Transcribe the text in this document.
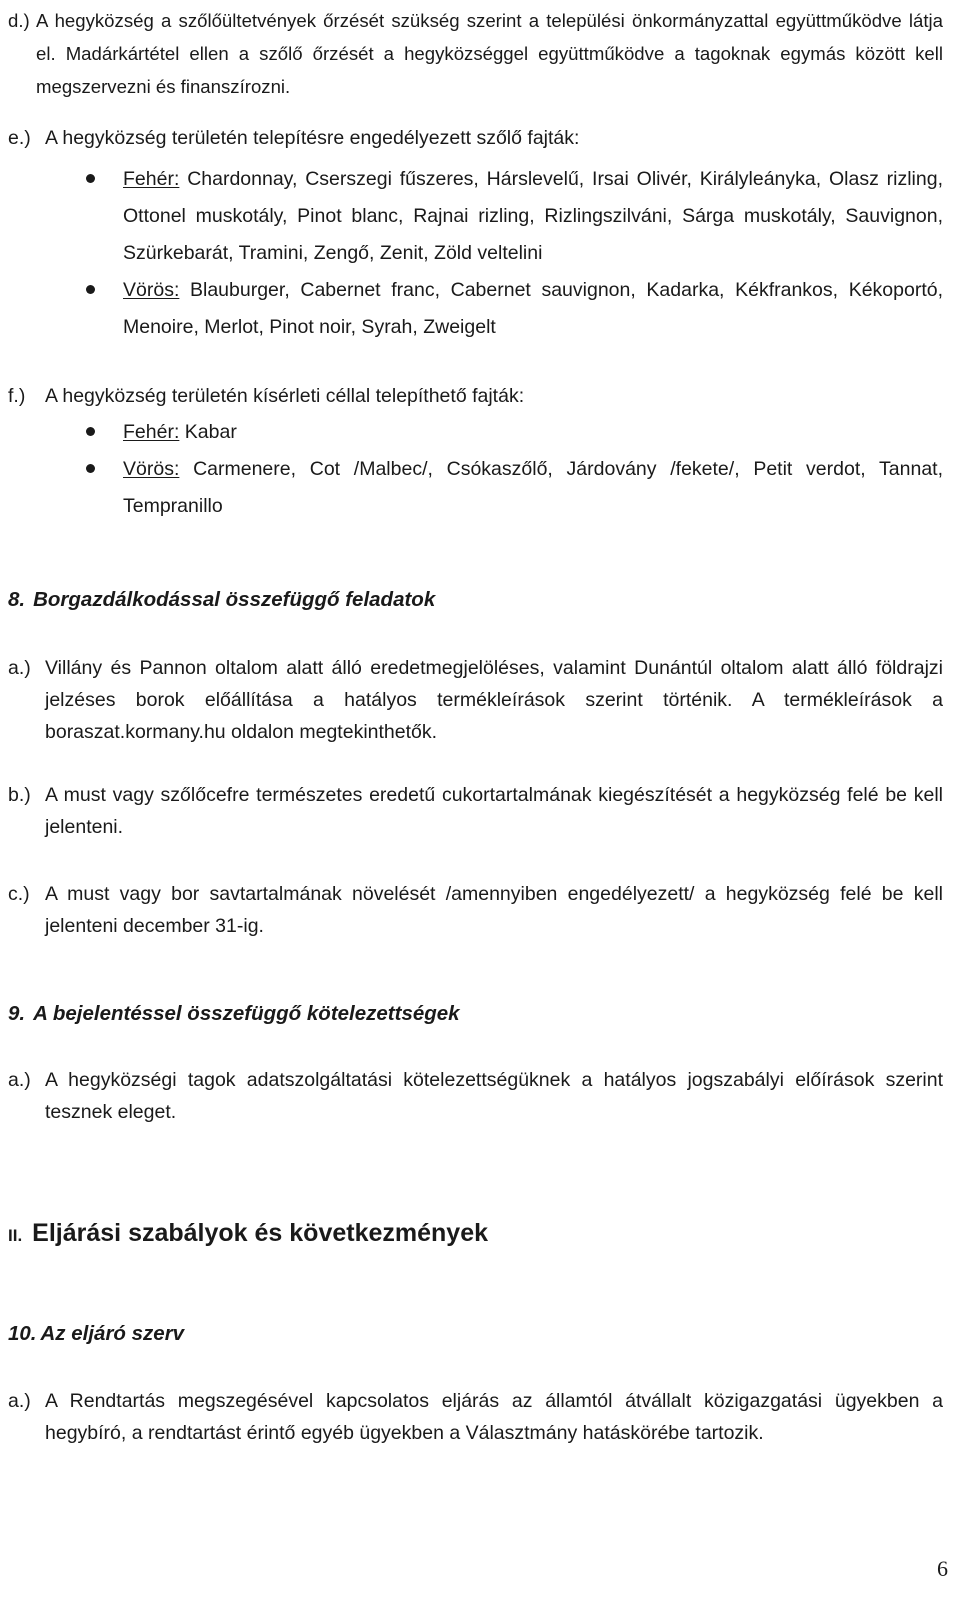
d.) A hegyközség a szőlőültetvények őrzését szükség szerint a települési önkormányzattal együttműködve látja el. Madárkártétel ellen a szőlő őrzését a hegyközséggel együttműködve a tagoknak egymás között kell megszervezni és finanszírozni.
e.) A hegyközség területén telepítésre engedélyezett szőlő fajták:
Fehér: Chardonnay, Cserszegi fűszeres, Hárslevelű, Irsai Olivér, Királyleányka, Olasz rizling, Ottonel muskotály, Pinot blanc, Rajnai rizling, Rizlingszilváni, Sárga muskotály, Sauvignon, Szürkebarát, Tramini, Zengő, Zenit, Zöld veltelini
Vörös: Blauburger, Cabernet franc, Cabernet sauvignon, Kadarka, Kékfrankos, Kékoportó, Menoire, Merlot, Pinot noir, Syrah, Zweigelt
f.) A hegyközség területén kísérleti céllal telepíthető fajták:
Fehér: Kabar
Vörös: Carmenere, Cot /Malbec/, Csókaszőlő, Járdovány /fekete/, Petit verdot, Tannat, Tempranillo
8. Borgazdálkodással összefüggő feladatok
a.) Villány és Pannon oltalom alatt álló eredetmegjelöléses, valamint Dunántúl oltalom alatt álló földrajzi jelzéses borok előállítása a hatályos termékleírások szerint történik. A termékleírások a boraszat.kormany.hu oldalon megtekinthetők.
b.) A must vagy szőlőcefre természetes eredetű cukortartalmának kiegészítését a hegyközség felé be kell jelenteni.
c.) A must vagy bor savtartalmának növelését /amennyiben engedélyezett/ a hegyközség felé be kell jelenteni december 31-ig.
9. A bejelentéssel összefüggő kötelezettségek
a.) A hegyközségi tagok adatszolgáltatási kötelezettségüknek a hatályos jogszabályi előírások szerint tesznek eleget.
II. Eljárási szabályok és következmények
10. Az eljáró szerv
a.) A Rendtartás megszegésével kapcsolatos eljárás az államtól átvállalt közigazgatási ügyekben a hegybíró, a rendtartást érintő egyéb ügyekben a Választmány hatáskörébe tartozik.
6
